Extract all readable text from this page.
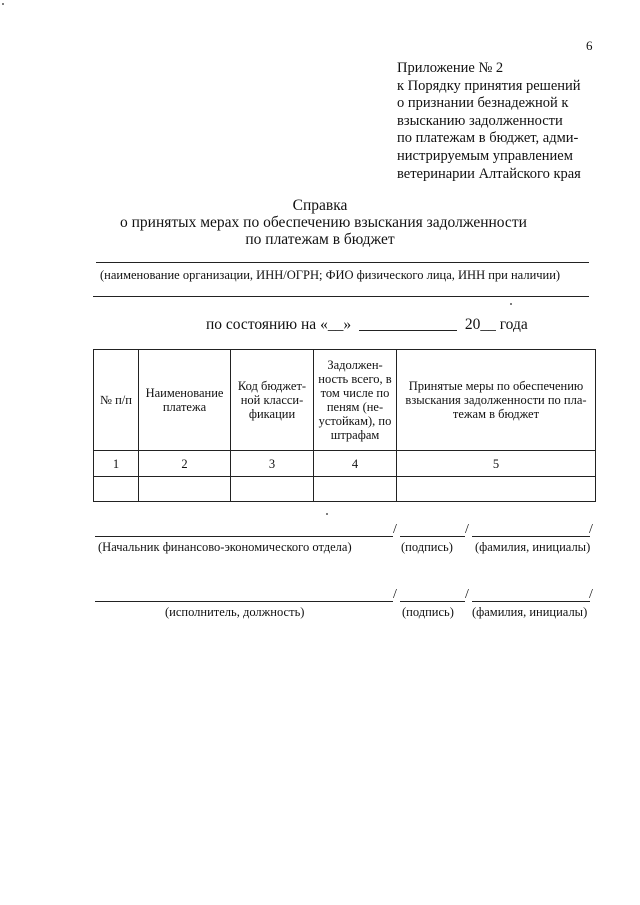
6
Приложение № 2
к Порядку принятия решений
о признании безнадежной к
взысканию задолженности
по платежам в бюджет, адми-
нистрируемым управлением
ветеринарии Алтайского края
Справка
о принятых мерах по обеспечению взыскания задолженности
по платежам в бюджет
(наименование организации, ИНН/ОГРН; ФИО физического лица, ИНН при наличии)
по состоянию на «__»	20__ года
№ п/п	Наименование платежа	Код бюджет-ной класси-фикации	Задолжен-ность всего, в том числе по пеням (не-устойкам), по штрафам	Принятые меры по обеспечению взыскания задолженности по пла-тежам в бюджет
1	2	3	4	5

/	/	/
(Начальник финансово-экономического отдела)	(подпись) (фамилия, инициалы)
/	/	/
(исполнитель, должность)	(подпись) (фамилия, инициалы)
